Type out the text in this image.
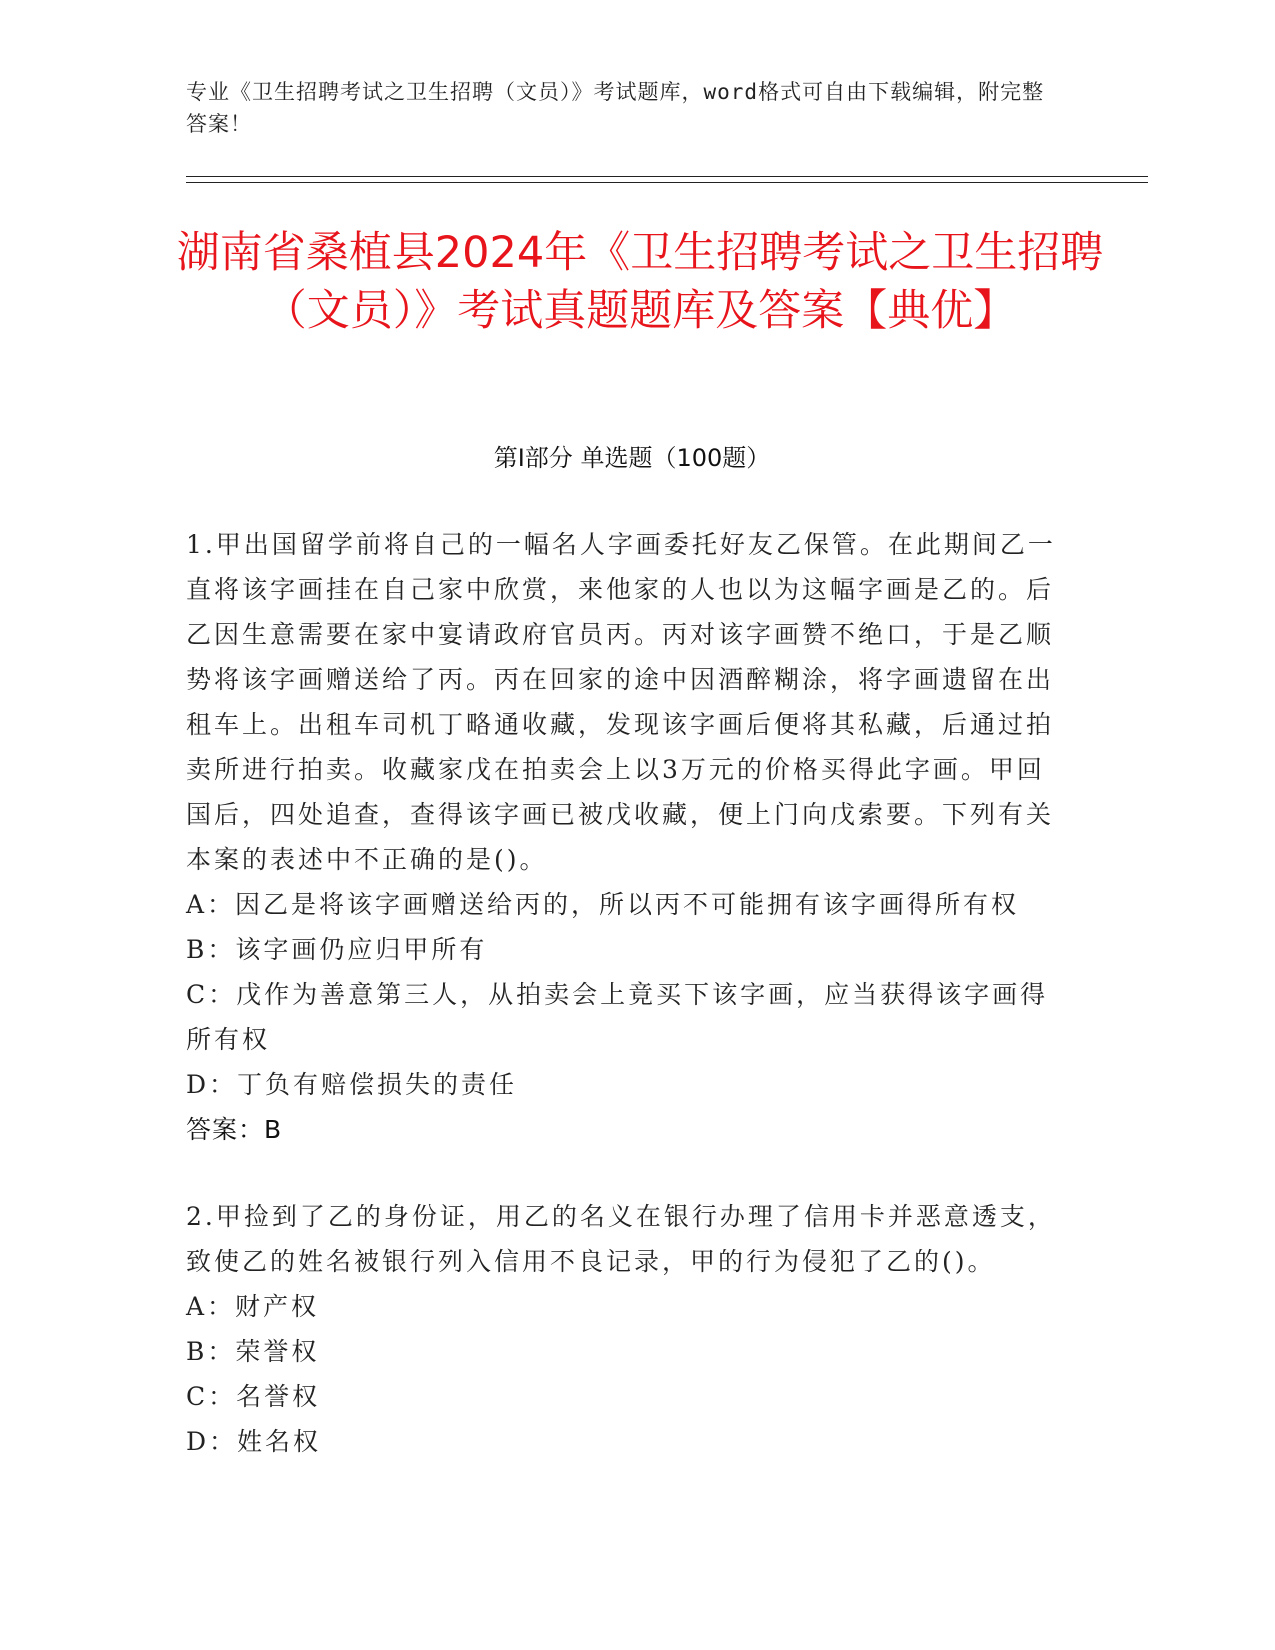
专业《卫生招聘考试之卫生招聘（文员）》考试题库，word格式可自由下载编辑，附完整答案！
湖南省桑植县2024年《卫生招聘考试之卫生招聘（文员）》考试真题题库及答案【典优】
第I部分 单选题（100题）

1.甲出国留学前将自己的一幅名人字画委托好友乙保管。在此期间乙一直将该字画挂在自己家中欣赏，来他家的人也以为这幅字画是乙的。后乙因生意需要在家中宴请政府官员丙。丙对该字画赞不绝口，于是乙顺势将该字画赠送给了丙。丙在回家的途中因酒醉糊涂，将字画遗留在出租车上。出租车司机丁略通收藏，发现该字画后便将其私藏，后通过拍卖所进行拍卖。收藏家戊在拍卖会上以3万元的价格买得此字画。甲回国后，四处追查，查得该字画已被戊收藏，便上门向戊索要。下列有关本案的表述中不正确的是()。

A：因乙是将该字画赠送给丙的，所以丙不可能拥有该字画得所有权

B：该字画仍应归甲所有

C：戊作为善意第三人，从拍卖会上竟买下该字画，应当获得该字画得所有权

D：丁负有赔偿损失的责任

答案：B

2.甲捡到了乙的身份证，用乙的名义在银行办理了信用卡并恶意透支，致使乙的姓名被银行列入信用不良记录，甲的行为侵犯了乙的()。

A：财产权

B：荣誉权

C：名誉权

D：姓名权
